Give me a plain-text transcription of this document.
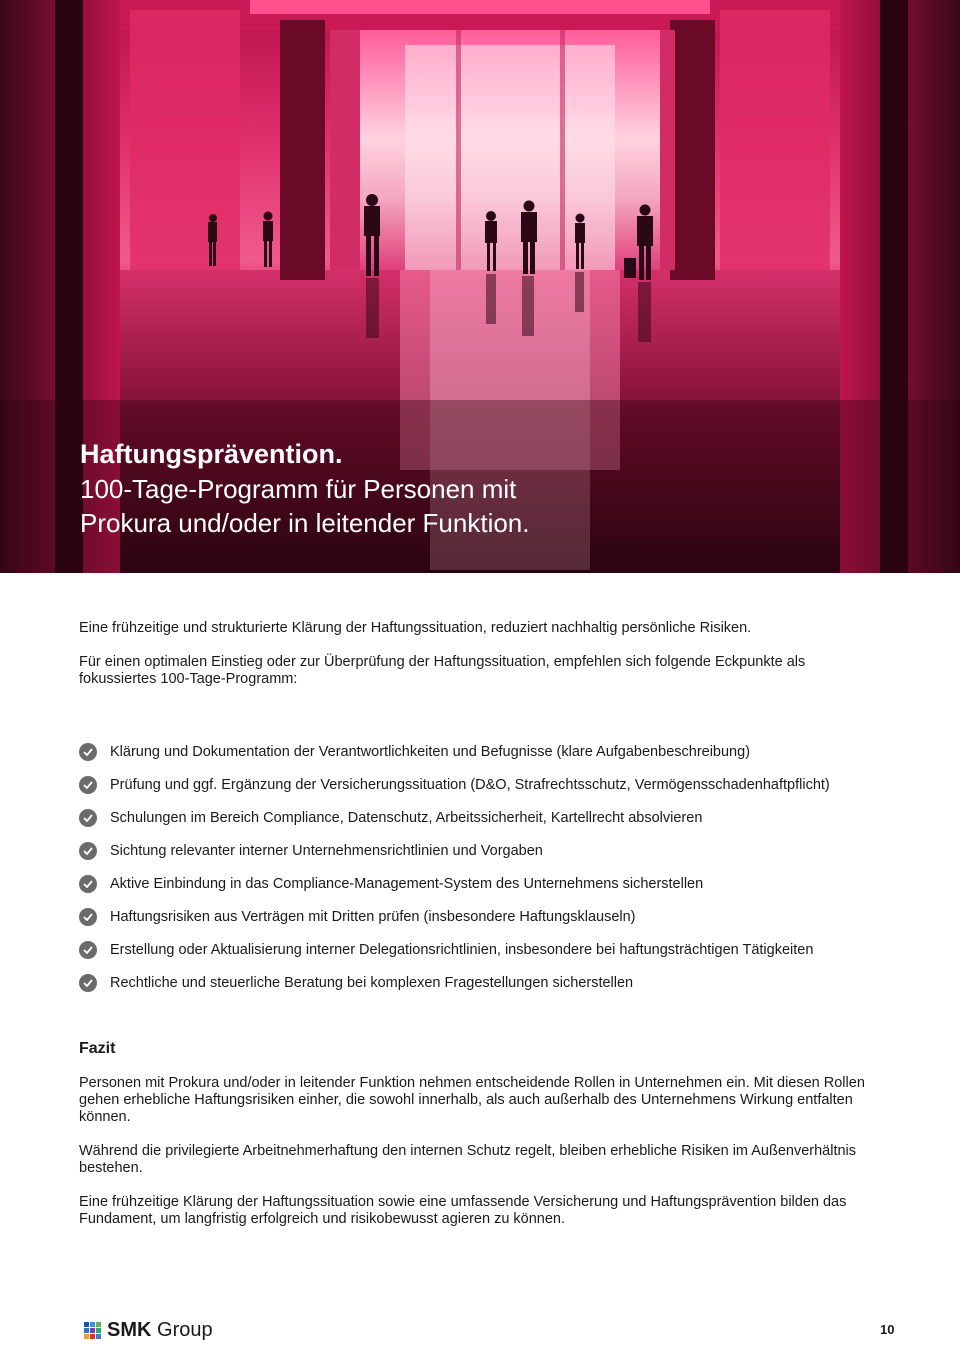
Haftungsprävention.
100-Tage-Programm für Personen mit
Prokura und/oder in leitender Funktion.

Eine frühzeitige und strukturierte Klärung der Haftungssituation, reduziert nachhaltig persönliche Risiken.

Für einen optimalen Einstieg oder zur Überprüfung der Haftungssituation, empfehlen sich folgende Eckpunkte als fokussiertes 100-Tage-Programm:

Klärung und Dokumentation der Verantwortlichkeiten und Befugnisse (klare Aufgabenbeschreibung)
Prüfung und ggf. Ergänzung der Versicherungssituation (D&O, Strafrechtsschutz, Vermögensschadenhaftpflicht)
Schulungen im Bereich Compliance, Datenschutz, Arbeitssicherheit, Kartellrecht absolvieren
Sichtung relevanter interner Unternehmensrichtlinien und Vorgaben
Aktive Einbindung in das Compliance-Management-System des Unternehmens sicherstellen
Haftungsrisiken aus Verträgen mit Dritten prüfen (insbesondere Haftungsklauseln)
Erstellung oder Aktualisierung interner Delegationsrichtlinien, insbesondere bei haftungsträchtigen Tätigkeiten
Rechtliche und steuerliche Beratung bei komplexen Fragestellungen sicherstellen
Fazit

Personen mit Prokura und/oder in leitender Funktion nehmen entscheidende Rollen in Unternehmen ein. Mit diesen Rollen gehen erhebliche Haftungsrisiken einher, die sowohl innerhalb, als auch außerhalb des Unternehmens Wirkung entfalten können.

Während die privilegierte Arbeitnehmerhaftung den internen Schutz regelt, bleiben erhebliche Risiken im Außenverhältnis bestehen.

Eine frühzeitige Klärung der Haftungssituation sowie eine umfassende Versicherung und Haftungsprävention bilden das Fundament, um langfristig erfolgreich und risikobewusst agieren zu können.

SMK Group	10
